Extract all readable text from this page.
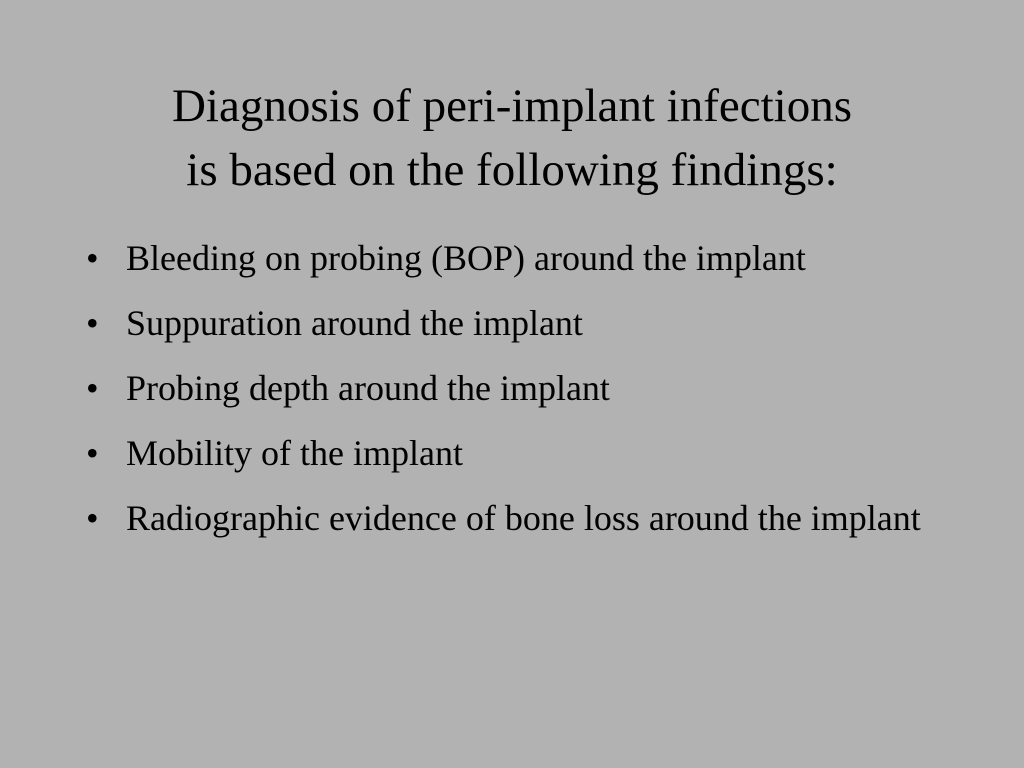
Diagnosis of peri-implant infections
is based on the following findings:
• Bleeding on probing (BOP) around the implant
• Suppuration around the implant
• Probing depth around the implant
• Mobility of the implant
• Radiographic evidence of bone loss around the implant
